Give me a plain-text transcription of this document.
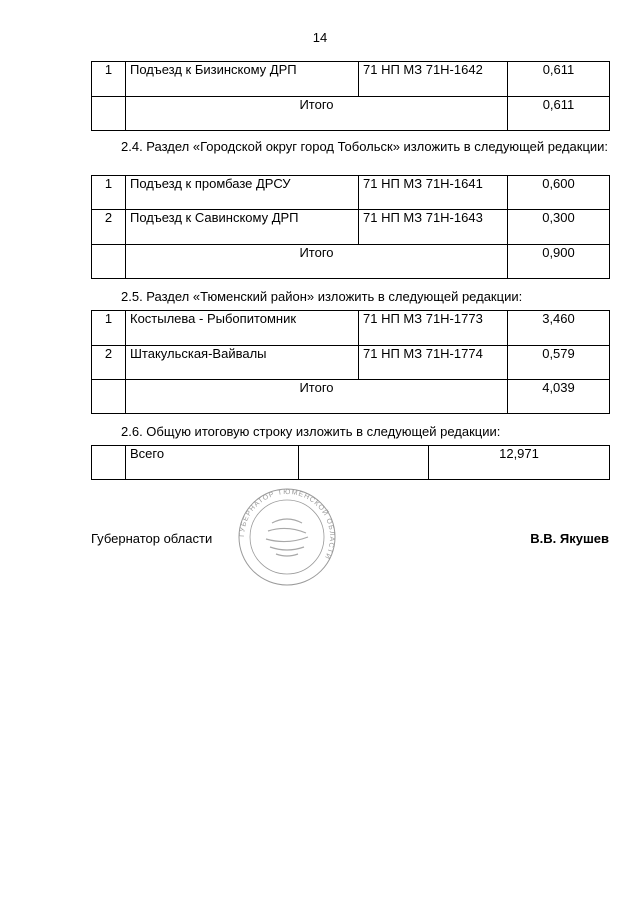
14
1	Подъезд к Бизинскому ДРП	71 НП МЗ 71Н-1642	0,611
	Итого		0,611
2.4. Раздел «Городской округ город Тобольск» изложить в следующей редакции:
1	Подъезд к промбазе ДРСУ	71 НП МЗ 71Н-1641	0,600
2	Подъезд к Савинскому ДРП	71 НП МЗ 71Н-1643	0,300
	Итого		0,900
2.5. Раздел «Тюменский район» изложить в следующей редакции:
1	Костылева - Рыбопитомник	71 НП МЗ 71Н-1773	3,460
2	Штакульская-Вайвалы	71 НП МЗ 71Н-1774	0,579
	Итого		4,039
2.6. Общую итоговую строку изложить в следующей редакции:
	Всего		12,971
Губернатор области	В.В. Якушев
ГУБЕРНАТОР ТЮМЕНСКОЙ ОБЛАСТИ
